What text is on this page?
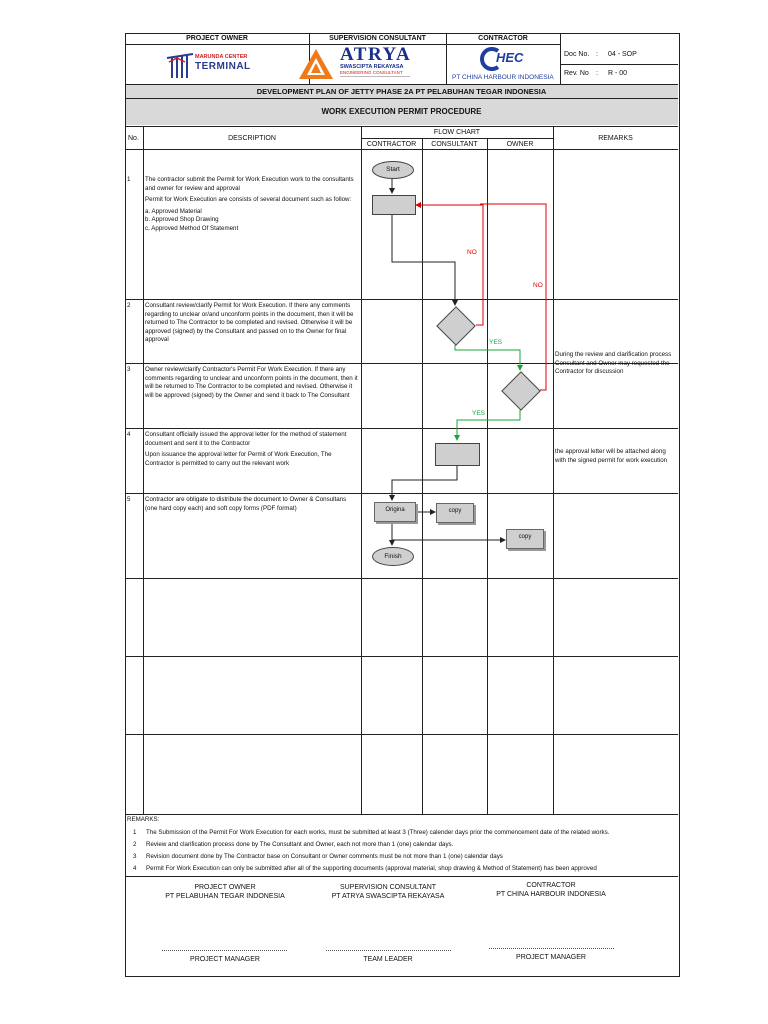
PROJECT OWNER	SUPERVISION CONSULTANT	CONTRACTOR
MARUNDA CENTER
TERMINAL
ATRYA
SWASCIPTA REKAYASA
ENGINEERING CONSULTANT
HEC
PT CHINA HARBOUR INDONESIA
Doc No. : 04 - SOP
Rev. No : R - 00
DEVELOPMENT PLAN OF JETTY PHASE 2A PT PELABUHAN TEGAR INDONESIA
WORK EXECUTION PERMIT PROCEDURE
No.	DESCRIPTION
FLOW CHART
CONTRACTOR	CONSULTANT	OWNER
REMARKS
1 The contractor submit the Permit for Work Execution work to the consultants and owner for review and approval

Permit for Work Execution are consists of several document such as follow:

a. Approved Material

b. Approved Shop Drawing

c. Approved Method Of Statement

2 Consultant review/clarify Permit for Work Execution. If there any comments regarding to unclear or/and unconform points in the document, then it will be returned to The Contractor to be completed and revised. Otherwise it will be approved (signed) by the Consultant and passed on to the Owner for final approval

During the review and clarification process Consultant and Owner may requested the Contractor for discussion
3 Owner review/clarify Contractor's Permit For Work Execution. If there any comments regarding to unclear and unconform points in the document, then it will be returned to The Contractor to be completed and revised. Otherwise it will be approved (signed) by the Owner and send it back to The Consultant

4 Consultant officially issued the approval letter for the method of statement document and sent it to the Contractor

Upon issuance the approval letter for Permit of Work Execution, The Contractor is permitted to carry out the relevant work

the approval letter will be attached along with the signed permit for work execution
5 Contractor are obligate to distribute the document to Owner & Consultans (one hard copy each) and soft copy forms (PDF format)

Start
Origina	copy
copy
Finish
NO
NO
YES
YES
REMARKS:
1 The Submission of the Permit For Work Execution for each works, must be submitted at least 3 (Three) calender days prior the commencement date of the related works.
2 Review and clarification process done by The Consultant and Owner, each not more than 1 (one) calendar days.
3 Revision document done by The Contractor base on Consultant or Owner comments must be not more than 1 (one) calendar days
4 Permit For Work Execution can only be submitted after all of the supporting documents (approval material, shop drawing & Method of Statement) has been approved
PROJECT OWNER
PT PELABUHAN TEGAR INDONESIA
SUPERVISION CONSULTANT
PT ATRYA SWASCIPTA REKAYASA
CONTRACTOR
PT CHINA HARBOUR INDONESIA
PROJECT MANAGER	TEAM LEADER	PROJECT MANAGER
